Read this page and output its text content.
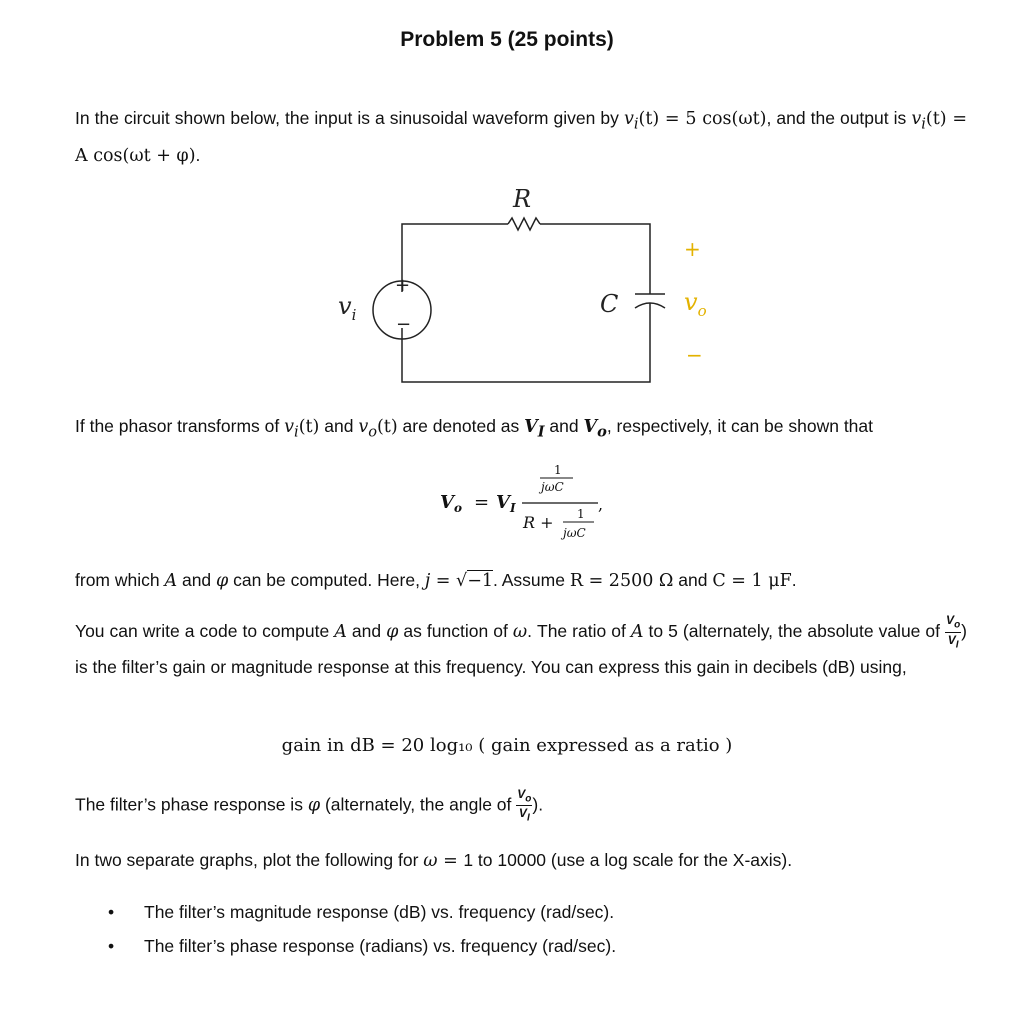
Problem 5 (25 points)
In the circuit shown below, the input is a sinusoidal waveform given by $v_i(t) = 5$ cos(ωt), and the output is $v_i(t) = A$ cos(ωt + φ).
+
−
R
$v_i$	C
+
$v_o$
−
If the phasor transforms of $v_i(t)$ and $v_o(t)$ are denoted as $V_I$ and $V_o$, respectively, it can be shown that
$V_o = V_I$
1
jωC
R + 1
jωC
,
from which A and φ can be computed. Here, j = √−1. Assume R = 2500 Ω and C = 1 μF.
You can write a code to compute A and φ as function of ω. The ratio of A to 5 (alternately, the absolute value of $\frac{V_o}{V_I}$ ) is the filter’s gain or magnitude response at this frequency. You can express this gain in decibels (dB) using,
gain in dB = 20 log₁₀ ( gain expressed as a ratio )
The filter’s phase response is φ (alternately, the angle of $\frac{V_o}{V_I}$ ).
In two separate graphs, plot the following for ω = 1 to 10000 (use a log scale for the X-axis).
• The filter’s magnitude response (dB) vs. frequency (rad/sec).
• The filter’s phase response (radians) vs. frequency (rad/sec).
